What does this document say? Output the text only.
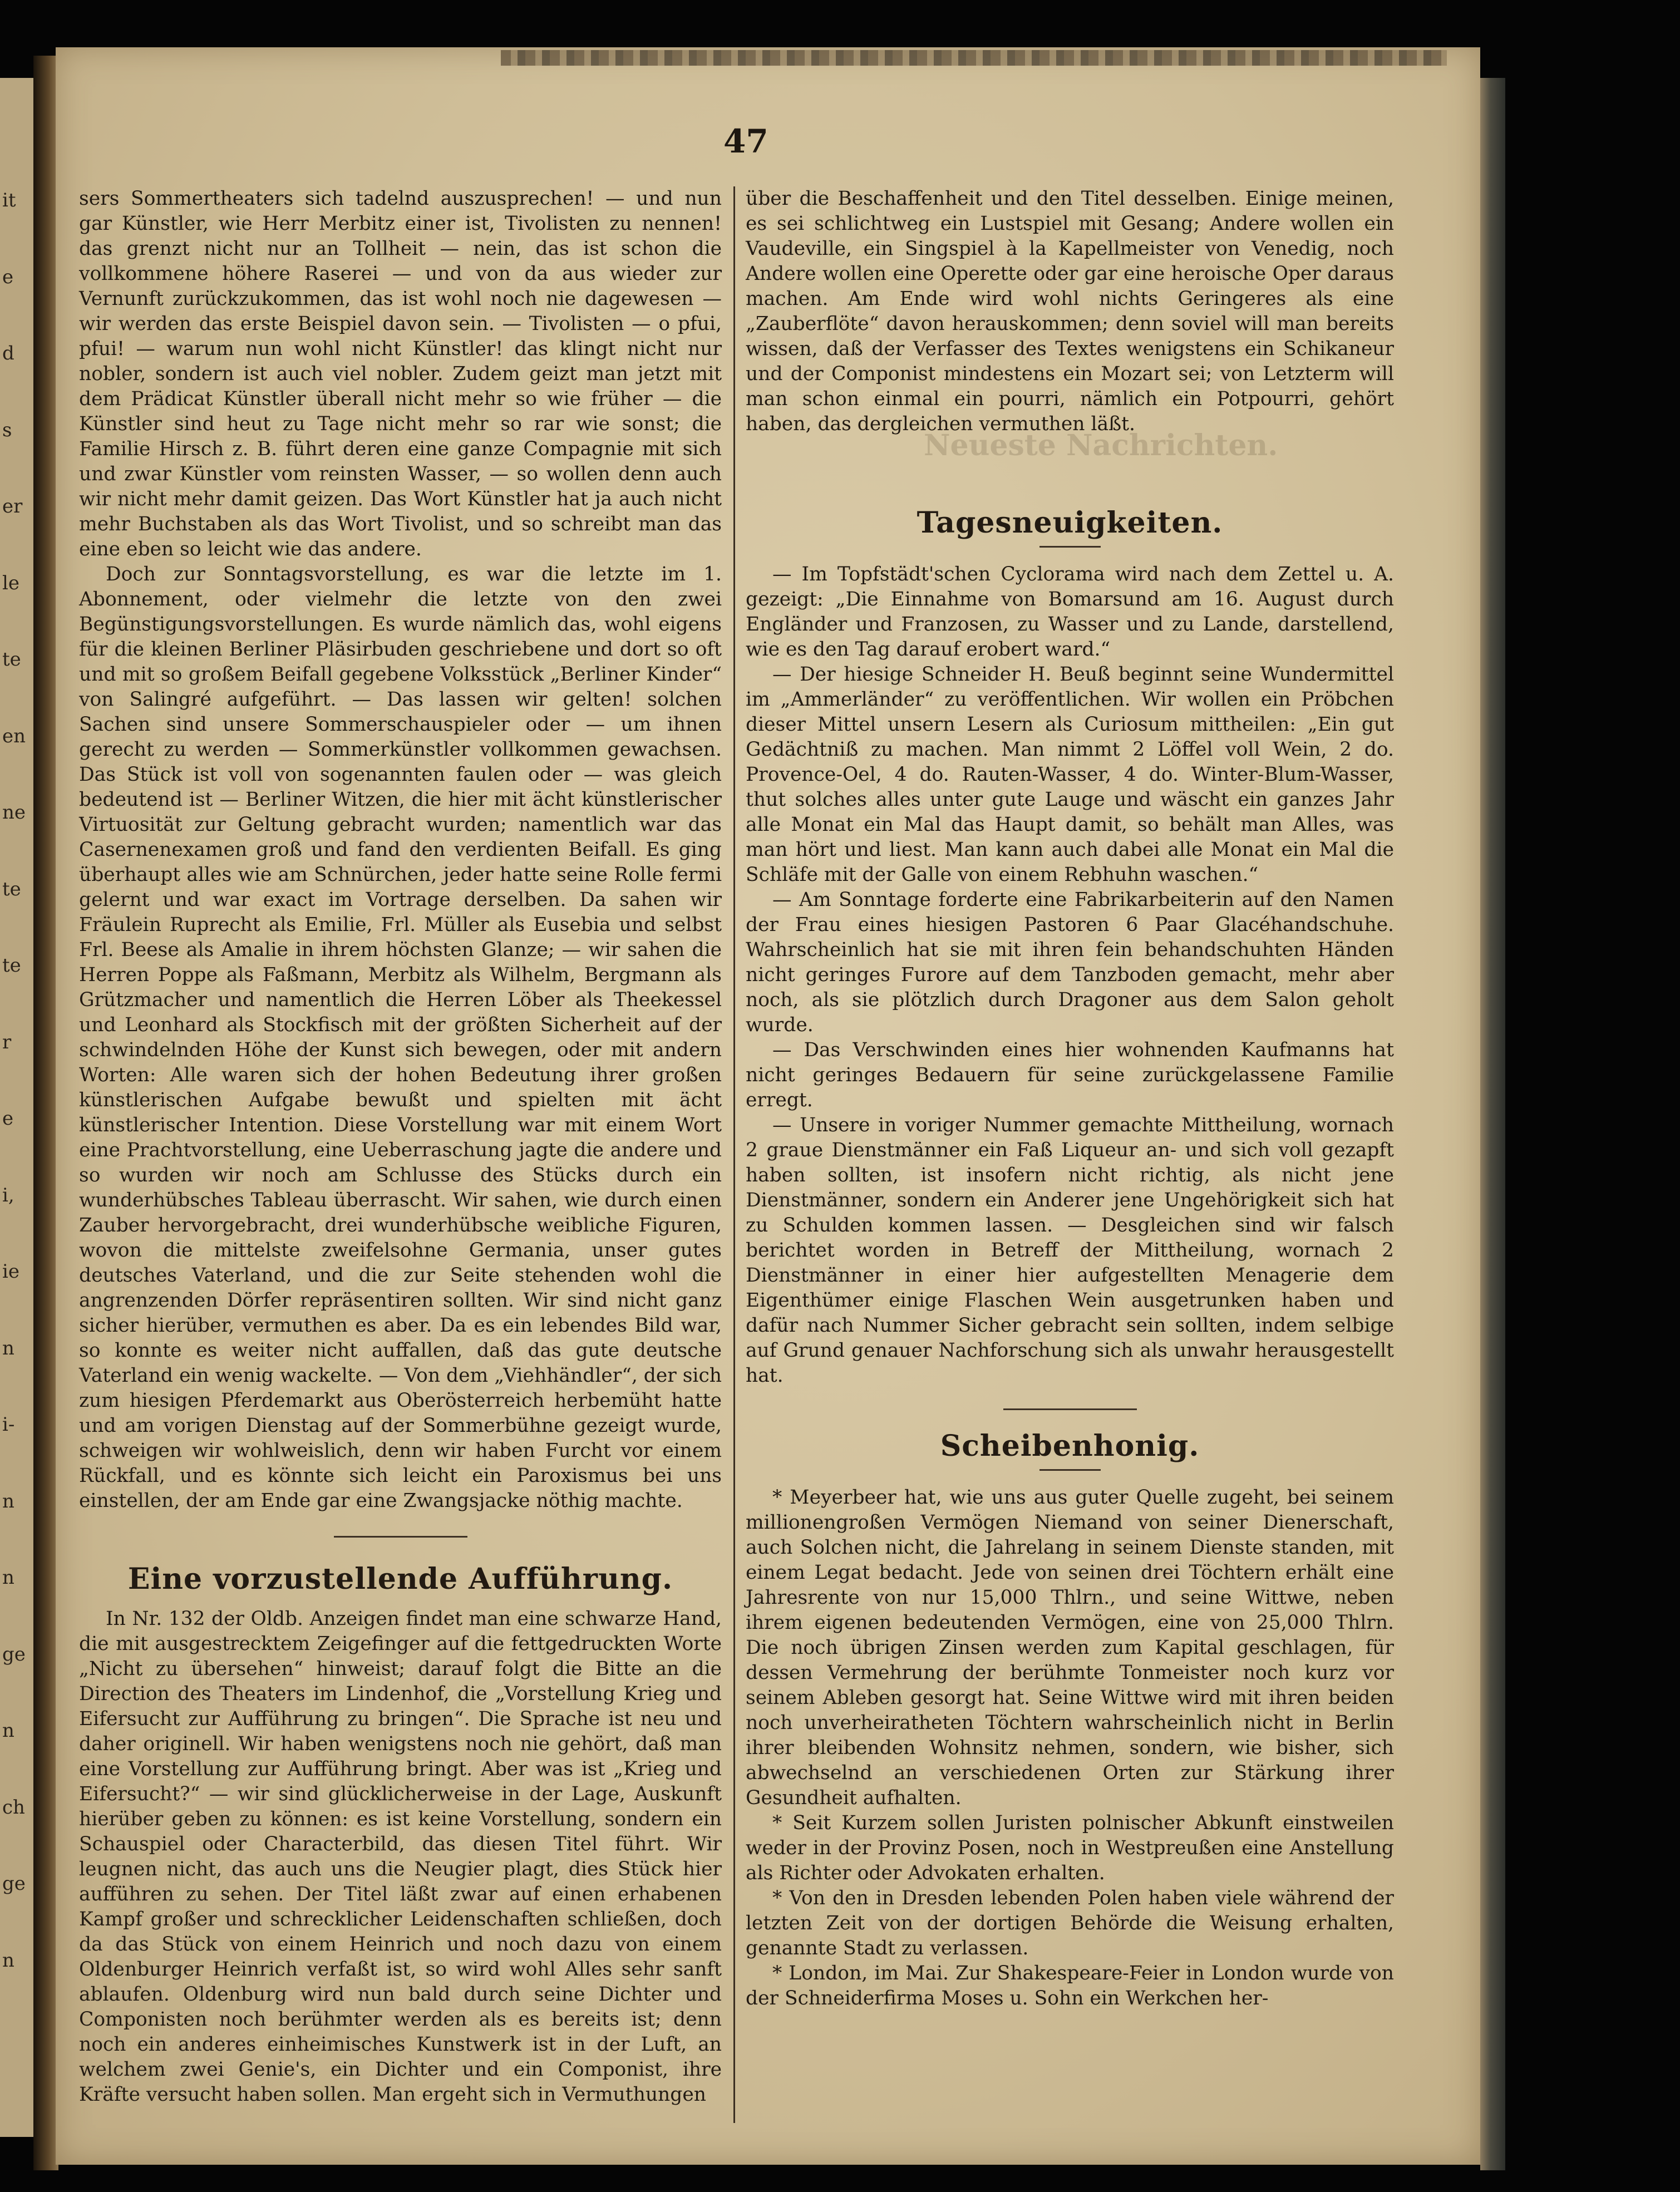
it
e
d
s
er
le
te
en
ne
te
te
r
e
i,
ie
n
i-
n
n
ge
n
ch
ge
n
47

sers Sommertheaters sich tadelnd auszusprechen! — und nun gar Künstler, wie Herr Merbitz einer ist, Tivolisten zu nennen! das grenzt nicht nur an Tollheit — nein, das ist schon die vollkommene höhere Raserei — und von da aus wieder zur Vernunft zurückzukommen, das ist wohl noch nie dagewesen — wir werden das erste Beispiel davon sein. — Tivolisten — o pfui, pfui! — warum nun wohl nicht Künstler! das klingt nicht nur nobler, sondern ist auch viel nobler. Zudem geizt man jetzt mit dem Prädicat Künstler überall nicht mehr so wie früher — die Künstler sind heut zu Tage nicht mehr so rar wie sonst; die Familie Hirsch z. B. führt deren eine ganze Compagnie mit sich und zwar Künstler vom reinsten Wasser, — so wollen denn auch wir nicht mehr damit geizen. Das Wort Künstler hat ja auch nicht mehr Buchstaben als das Wort Tivolist, und so schreibt man das eine eben so leicht wie das andere.

Doch zur Sonntagsvorstellung, es war die letzte im 1. Abonnement, oder vielmehr die letzte von den zwei Begünstigungsvorstellungen. Es wurde nämlich das, wohl eigens für die kleinen Berliner Pläsirbuden geschriebene und dort so oft und mit so großem Beifall gegebene Volksstück „Berliner Kinder“ von Salingré aufgeführt. — Das lassen wir gelten! solchen Sachen sind unsere Sommerschauspieler oder — um ihnen gerecht zu werden — Sommerkünstler vollkommen gewachsen. Das Stück ist voll von sogenannten faulen oder — was gleich bedeutend ist — Berliner Witzen, die hier mit ächt künstlerischer Virtuosität zur Geltung gebracht wurden; namentlich war das Casernenexamen groß und fand den verdienten Beifall. Es ging überhaupt alles wie am Schnürchen, jeder hatte seine Rolle fermi gelernt und war exact im Vortrage derselben. Da sahen wir Fräulein Ruprecht als Emilie, Frl. Müller als Eusebia und selbst Frl. Beese als Amalie in ihrem höchsten Glanze; — wir sahen die Herren Poppe als Faßmann, Merbitz als Wilhelm, Bergmann als Grützmacher und namentlich die Herren Löber als Theekessel und Leonhard als Stockfisch mit der größten Sicherheit auf der schwindelnden Höhe der Kunst sich bewegen, oder mit andern Worten: Alle waren sich der hohen Bedeutung ihrer großen künstlerischen Aufgabe bewußt und spielten mit ächt künstlerischer Intention. Diese Vorstellung war mit einem Wort eine Prachtvorstellung, eine Ueberraschung jagte die andere und so wurden wir noch am Schlusse des Stücks durch ein wunderhübsches Tableau überrascht. Wir sahen, wie durch einen Zauber hervorgebracht, drei wunderhübsche weibliche Figuren, wovon die mittelste zweifelsohne Germania, unser gutes deutsches Vaterland, und die zur Seite stehenden wohl die angrenzenden Dörfer repräsentiren sollten. Wir sind nicht ganz sicher hierüber, vermuthen es aber. Da es ein lebendes Bild war, so konnte es weiter nicht auffallen, daß das gute deutsche Vaterland ein wenig wackelte. — Von dem „Viehhändler“, der sich zum hiesigen Pferdemarkt aus Oberösterreich herbemüht hatte und am vorigen Dienstag auf der Sommerbühne gezeigt wurde, schweigen wir wohlweislich, denn wir haben Furcht vor einem Rückfall, und es könnte sich leicht ein Paroxismus bei uns einstellen, der am Ende gar eine Zwangsjacke nöthig machte.

Eine vorzustellende Aufführung.

In Nr. 132 der Oldb. Anzeigen findet man eine schwarze Hand, die mit ausgestrecktem Zeigefinger auf die fettgedruckten Worte „Nicht zu übersehen“ hinweist; darauf folgt die Bitte an die Direction des Theaters im Lindenhof, die „Vorstellung Krieg und Eifersucht zur Aufführung zu bringen“. Die Sprache ist neu und daher originell. Wir haben wenigstens noch nie gehört, daß man eine Vorstellung zur Aufführung bringt. Aber was ist „Krieg und Eifersucht?“ — wir sind glücklicherweise in der Lage, Auskunft hierüber geben zu können: es ist keine Vorstellung, sondern ein Schauspiel oder Characterbild, das diesen Titel führt. Wir leugnen nicht, das auch uns die Neugier plagt, dies Stück hier aufführen zu sehen. Der Titel läßt zwar auf einen erhabenen Kampf großer und schrecklicher Leidenschaften schließen, doch da das Stück von einem Heinrich und noch dazu von einem Oldenburger Heinrich verfaßt ist, so wird wohl Alles sehr sanft ablaufen. Oldenburg wird nun bald durch seine Dichter und Componisten noch berühmter werden als es bereits ist; denn noch ein anderes einheimisches Kunstwerk ist in der Luft, an welchem zwei Genie's, ein Dichter und ein Componist, ihre Kräfte versucht haben sollen. Man ergeht sich in Vermuthungen

Neueste Nachrichten.

über die Beschaffenheit und den Titel desselben. Einige meinen, es sei schlichtweg ein Lustspiel mit Gesang; Andere wollen ein Vaudeville, ein Singspiel à la Kapellmeister von Venedig, noch Andere wollen eine Operette oder gar eine heroische Oper daraus machen. Am Ende wird wohl nichts Geringeres als eine „Zauberflöte“ davon herauskommen; denn soviel will man bereits wissen, daß der Verfasser des Textes wenigstens ein Schikaneur und der Componist mindestens ein Mozart sei; von Letzterm will man schon einmal ein pourri, nämlich ein Potpourri, gehört haben, das dergleichen vermuthen läßt.

Tagesneuigkeiten.

— Im Topfstädt'schen Cyclorama wird nach dem Zettel u. A. gezeigt: „Die Einnahme von Bomarsund am 16. August durch Engländer und Franzosen, zu Wasser und zu Lande, darstellend, wie es den Tag darauf erobert ward.“

— Der hiesige Schneider H. Beuß beginnt seine Wundermittel im „Ammerländer“ zu veröffentlichen. Wir wollen ein Pröbchen dieser Mittel unsern Lesern als Curiosum mittheilen: „Ein gut Gedächtniß zu machen. Man nimmt 2 Löffel voll Wein, 2 do. Provence-Oel, 4 do. Rauten-Wasser, 4 do. Winter-Blum-Wasser, thut solches alles unter gute Lauge und wäscht ein ganzes Jahr alle Monat ein Mal das Haupt damit, so behält man Alles, was man hört und liest. Man kann auch dabei alle Monat ein Mal die Schläfe mit der Galle von einem Rebhuhn waschen.“

— Am Sonntage forderte eine Fabrikarbeiterin auf den Namen der Frau eines hiesigen Pastoren 6 Paar Glacéhandschuhe. Wahrscheinlich hat sie mit ihren fein behandschuhten Händen nicht geringes Furore auf dem Tanzboden gemacht, mehr aber noch, als sie plötzlich durch Dragoner aus dem Salon geholt wurde.

— Das Verschwinden eines hier wohnenden Kaufmanns hat nicht geringes Bedauern für seine zurückgelassene Familie erregt.

— Unsere in voriger Nummer gemachte Mittheilung, wornach 2 graue Dienstmänner ein Faß Liqueur an- und sich voll gezapft haben sollten, ist insofern nicht richtig, als nicht jene Dienstmänner, sondern ein Anderer jene Ungehörigkeit sich hat zu Schulden kommen lassen. — Desgleichen sind wir falsch berichtet worden in Betreff der Mittheilung, wornach 2 Dienstmänner in einer hier aufgestellten Menagerie dem Eigenthümer einige Flaschen Wein ausgetrunken haben und dafür nach Nummer Sicher gebracht sein sollten, indem selbige auf Grund genauer Nachforschung sich als unwahr herausgestellt hat.

Scheibenhonig.

* Meyerbeer hat, wie uns aus guter Quelle zugeht, bei seinem millionengroßen Vermögen Niemand von seiner Dienerschaft, auch Solchen nicht, die Jahrelang in seinem Dienste standen, mit einem Legat bedacht. Jede von seinen drei Töchtern erhält eine Jahresrente von nur 15,000 Thlrn., und seine Wittwe, neben ihrem eigenen bedeutenden Vermögen, eine von 25,000 Thlrn. Die noch übrigen Zinsen werden zum Kapital geschlagen, für dessen Vermehrung der berühmte Tonmeister noch kurz vor seinem Ableben gesorgt hat. Seine Wittwe wird mit ihren beiden noch unverheiratheten Töchtern wahrscheinlich nicht in Berlin ihrer bleibenden Wohnsitz nehmen, sondern, wie bisher, sich abwechselnd an verschiedenen Orten zur Stärkung ihrer Gesundheit aufhalten.

* Seit Kurzem sollen Juristen polnischer Abkunft einstweilen weder in der Provinz Posen, noch in Westpreußen eine Anstellung als Richter oder Advokaten erhalten.

* Von den in Dresden lebenden Polen haben viele während der letzten Zeit von der dortigen Behörde die Weisung erhalten, genannte Stadt zu verlassen.

* London, im Mai. Zur Shakespeare-Feier in London wurde von der Schneiderfirma Moses u. Sohn ein Werkchen her-
